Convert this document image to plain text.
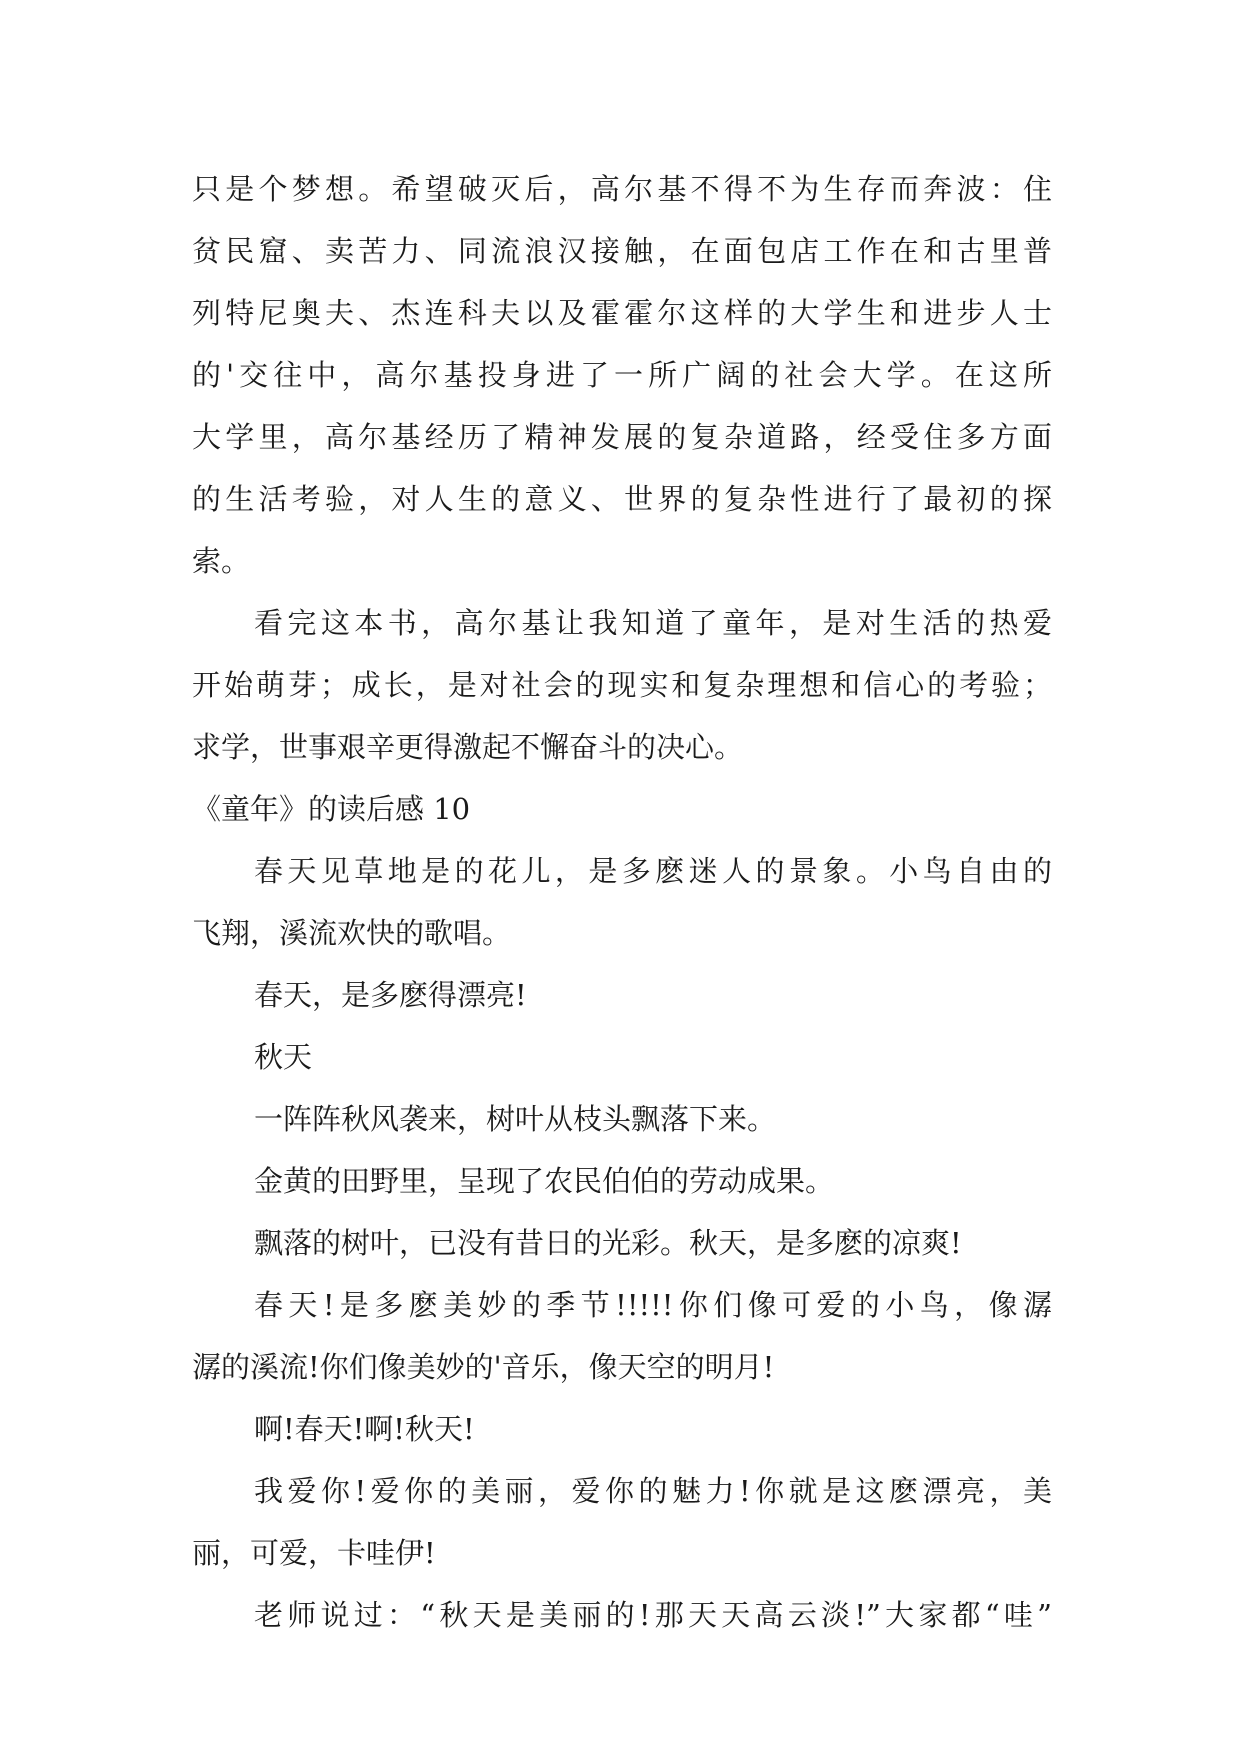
只是个梦想。希望破灭后，高尔基不得不为生存而奔波：住

贫民窟、卖苦力、同流浪汉接触，在面包店工作在和古里普

列特尼奥夫、杰连科夫以及霍霍尔这样的大学生和进步人士

的'交往中，高尔基投身进了一所广阔的社会大学。在这所

大学里，高尔基经历了精神发展的复杂道路，经受住多方面

的生活考验，对人生的意义、世界的复杂性进行了最初的探

索。

看完这本书，高尔基让我知道了童年，是对生活的热爱

开始萌芽；成长，是对社会的现实和复杂理想和信心的考验；

求学，世事艰辛更得激起不懈奋斗的决心。

《童年》的读后感 10

春天见草地是的花儿，是多麽迷人的景象。小鸟自由的

飞翔，溪流欢快的歌唱。

春天，是多麽得漂亮!

秋天

一阵阵秋风袭来，树叶从枝头飘落下来。

金黄的田野里，呈现了农民伯伯的劳动成果。

飘落的树叶，已没有昔日的光彩。秋天，是多麽的凉爽!

春天!是多麽美妙的季节!!!!!你们像可爱的小鸟，像潺

潺的溪流!你们像美妙的'音乐，像天空的明月!

啊!春天!啊!秋天!

我爱你!爱你的美丽，爱你的魅力!你就是这麽漂亮，美

丽，可爱，卡哇伊!

老师说过：“秋天是美丽的!那天天高云淡!”大家都“哇”
